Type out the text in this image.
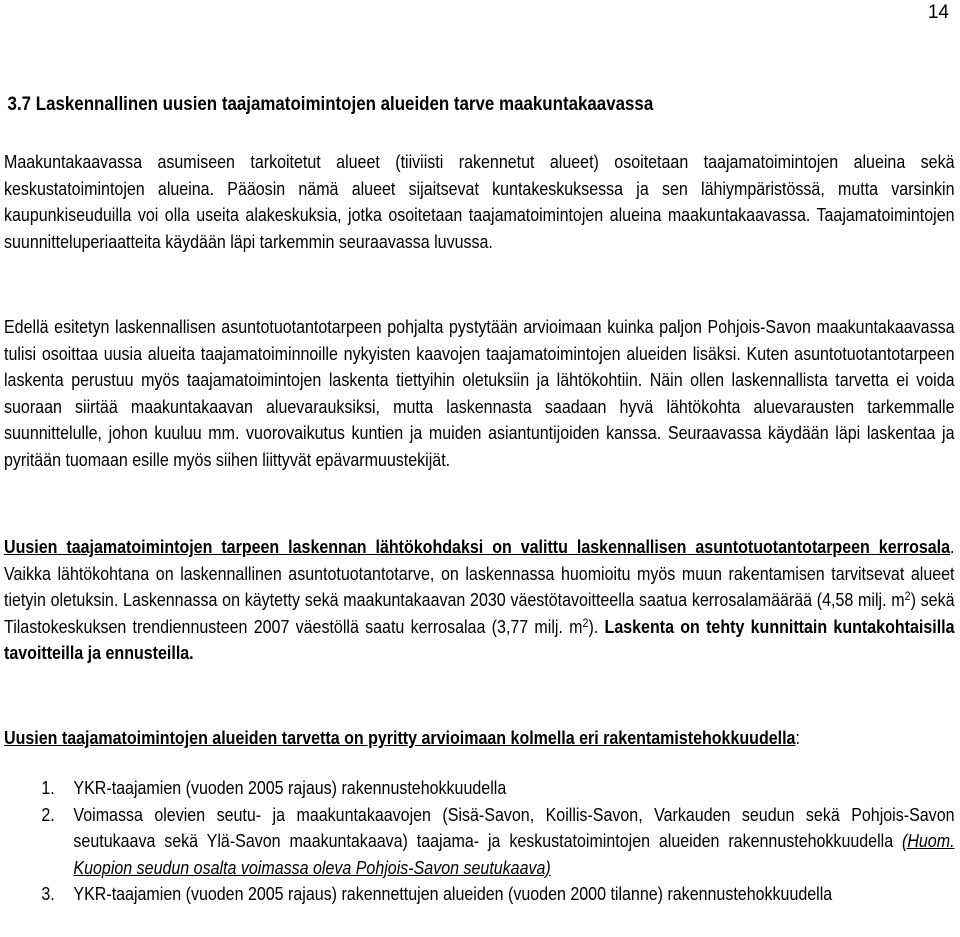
14
3.7 Laskennallinen uusien taajamatoimintojen alueiden tarve maakuntakaavassa
Maakuntakaavassa asumiseen tarkoitetut alueet (tiiviisti rakennetut alueet) osoitetaan taajamatoimintojen alueina sekä keskustatoimintojen alueina. Pääosin nämä alueet sijaitsevat kuntakeskuksessa ja sen lähiympäristössä, mutta varsinkin kaupunkiseuduilla voi olla useita alakeskuksia, jotka osoitetaan taajamatoimintojen alueina maakuntakaavassa. Taajamatoimintojen suunnitteluperiaatteita käydään läpi tarkemmin seuraavassa luvussa.
Edellä esitetyn laskennallisen asuntotuotantotarpeen pohjalta pystytään arvioimaan kuinka paljon Pohjois-Savon maakuntakaavassa tulisi osoittaa uusia alueita taajamatoiminnoille nykyisten kaavojen taajamatoimintojen alueiden lisäksi. Kuten asuntotuotantotarpeen laskenta perustuu myös taajamatoimintojen laskenta tiettyihin oletuksiin ja lähtökohtiin. Näin ollen laskennallista tarvetta ei voida suoraan siirtää maakuntakaavan aluevarauksiksi, mutta laskennasta saadaan hyvä lähtökohta aluevarausten tarkemmalle suunnittelulle, johon kuuluu mm. vuorovaikutus kuntien ja muiden asiantuntijoiden kanssa. Seuraavassa käydään läpi laskentaa ja pyritään tuomaan esille myös siihen liittyvät epävarmuustekijät.
Uusien taajamatoimintojen tarpeen laskennan lähtökohdaksi on valittu laskennallisen asuntotuotantotarpeen kerrosala. Vaikka lähtökohtana on laskennallinen asuntotuotantotarve, on laskennassa huomioitu myös muun rakentamisen tarvitsevat alueet tietyin oletuksin. Laskennassa on käytetty sekä maakuntakaavan 2030 väestötavoitteella saatua kerrosalamäärää (4,58 milj. $m^2$) sekä Tilastokeskuksen trendiennusteen 2007 väestöllä saatu kerrosalaa (3,77 milj. $m^2$). Laskenta on tehty kunnittain kuntakohtaisilla tavoitteilla ja ennusteilla.
Uusien taajamatoimintojen alueiden tarvetta on pyritty arvioimaan kolmella eri rakentamistehokkuudella:
1. YKR-taajamien (vuoden 2005 rajaus) rakennustehokkuudella
2. Voimassa olevien seutu- ja maakuntakaavojen (Sisä-Savon, Koillis-Savon, Varkauden seudun sekä Pohjois-Savon seutukaava sekä Ylä-Savon maakuntakaava) taajama- ja keskustatoimintojen alueiden rakennustehokkuudella (Huom. Kuopion seudun osalta voimassa oleva Pohjois-Savon seutukaava)
3. YKR-taajamien (vuoden 2005 rajaus) rakennettujen alueiden (vuoden 2000 tilanne) rakennustehokkuudella
